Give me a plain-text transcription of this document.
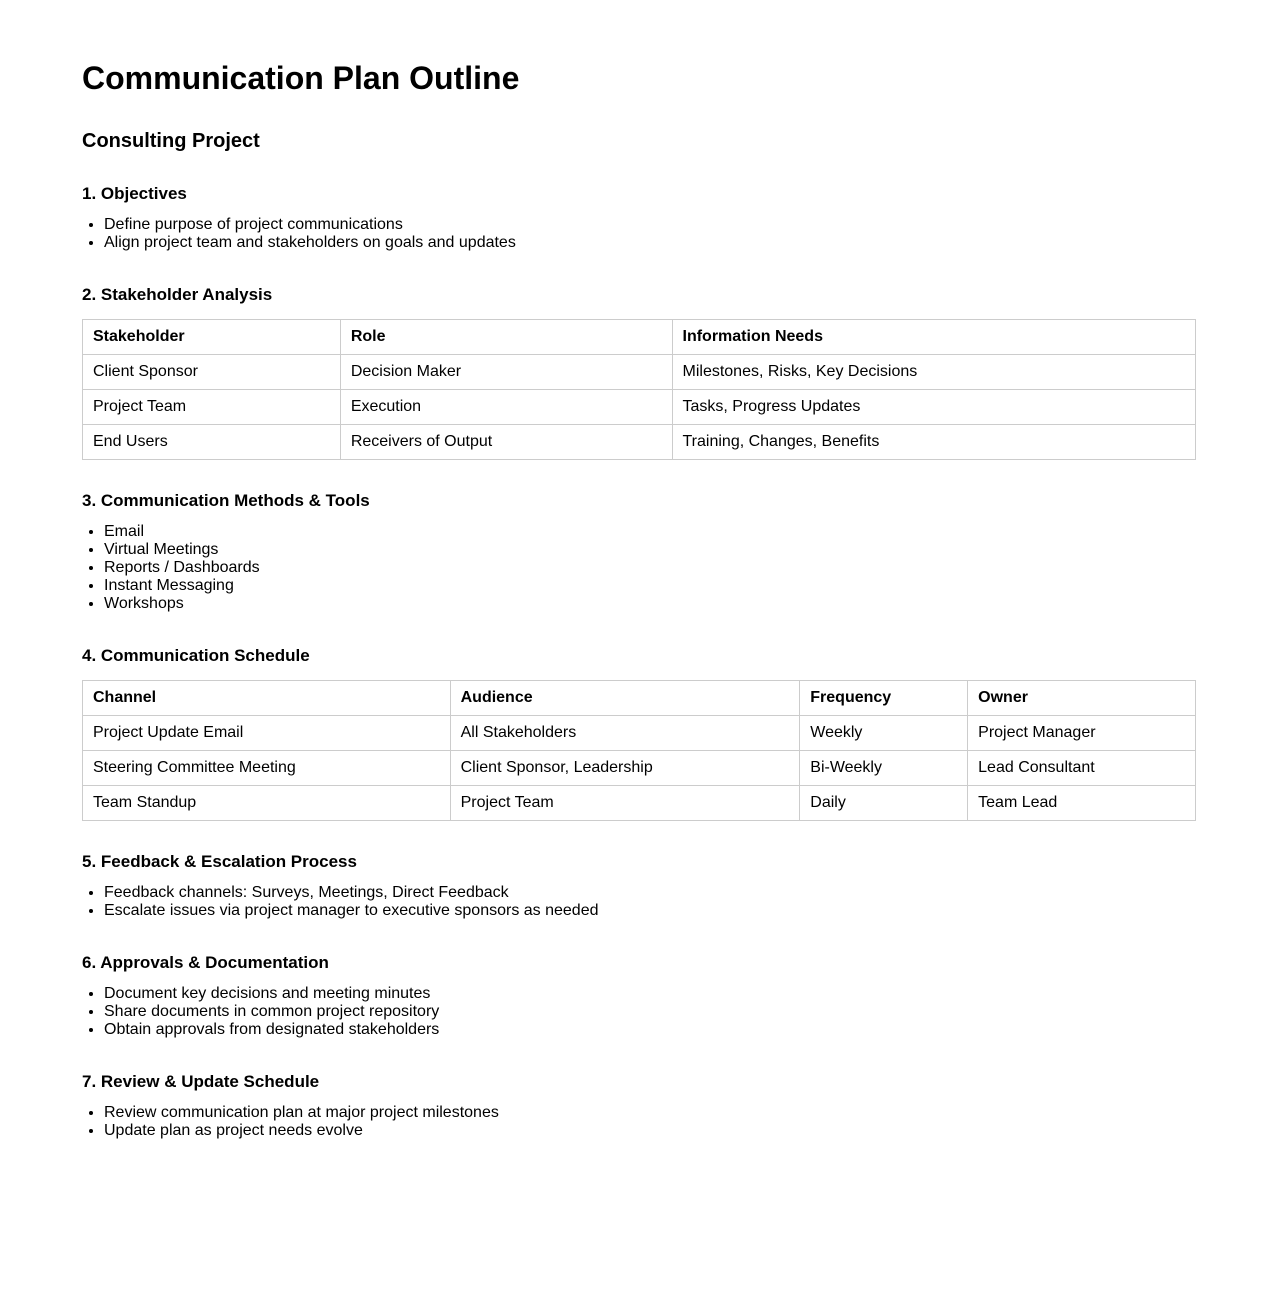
Communication Plan Outline
Consulting Project
1. Objectives
• Define purpose of project communications
• Align project team and stakeholders on goals and updates
2. Stakeholder Analysis
Stakeholder	Role	Information Needs
Client Sponsor	Decision Maker	Milestones, Risks, Key Decisions
Project Team	Execution	Tasks, Progress Updates
End Users	Receivers of Output	Training, Changes, Benefits
3. Communication Methods & Tools
• Email
• Virtual Meetings
• Reports / Dashboards
• Instant Messaging
• Workshops
4. Communication Schedule
Channel	Audience	Frequency	Owner
Project Update Email	All Stakeholders	Weekly	Project Manager
Steering Committee Meeting	Client Sponsor, Leadership	Bi-Weekly	Lead Consultant
Team Standup	Project Team	Daily	Team Lead
5. Feedback & Escalation Process
• Feedback channels: Surveys, Meetings, Direct Feedback
• Escalate issues via project manager to executive sponsors as needed
6. Approvals & Documentation
• Document key decisions and meeting minutes
• Share documents in common project repository
• Obtain approvals from designated stakeholders
7. Review & Update Schedule
• Review communication plan at major project milestones
• Update plan as project needs evolve
